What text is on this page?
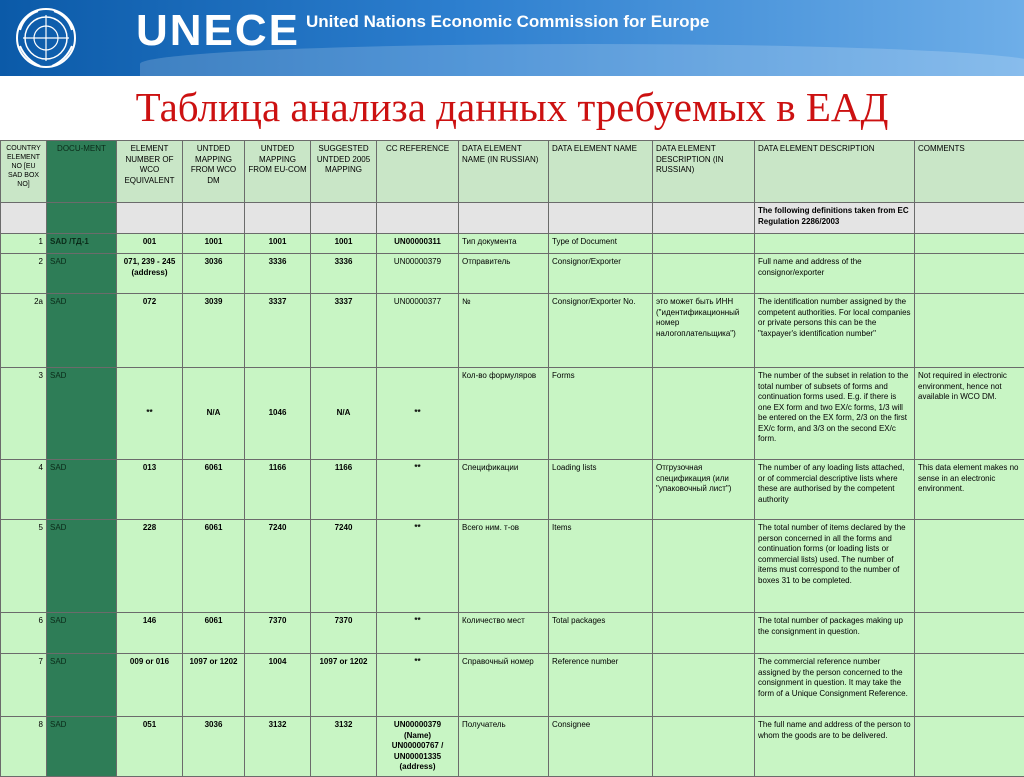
UNECE United Nations Economic Commission for Europe
Таблица анализа данных требуемых в ЕАД
COUNTRY ELEMENT NO [EU SAD BOX NO]	DOCU-MENT	ELEMENT NUMBER OF WCO EQUIVALENT	UNTDED MAPPING FROM WCO DM	UNTDED MAPPING FROM EU-COM	SUGGESTED UNTDED 2005 MAPPING	CC REFERENCE	DATA ELEMENT NAME (IN RUSSIAN)	DATA ELEMENT NAME	DATA ELEMENT DESCRIPTION (IN RUSSIAN)	DATA ELEMENT DESCRIPTION	COMMENTS
										The following definitions taken from EC Regulation 2286/2003	
1	SAD /ТД-1	001	1001	1001	1001	UN00000311	Тип документа	Type of Document			
2	SAD	071, 239 - 245 (address)	3036	3336	3336	UN00000379	Отправитель	Consignor/Exporter		Full name and address of the consignor/exporter	
2a	SAD	072	3039	3337	3337	UN00000377	№	Consignor/Exporter No.	это может быть ИНН ("идентификационный номер налогоплательщика")	The identification number assigned by the competent authorities. For local companies or private persons this can be the "taxpayer's identification number"	
3	SAD	**	N/A	1046	N/A	**	Кол-во формуляров	Forms		The number of the subset in relation to the total number of subsets of forms and continuation forms used. E.g. if there is one EX form and two EX/c forms, 1/3 will be entered on the EX form, 2/3 on the first EX/c form, and 3/3 on the second EX/c form.	Not required in electronic environment, hence not available in WCO DM.
4	SAD	013	6061	1166	1166	**	Спецификации	Loading lists	Отгрузочная спецификация (или "упаковочный лист")	The number of any loading lists attached, or of commercial descriptive lists where these are authorised by the competent authority	This data element makes no sense in an electronic environment.
5	SAD	228	6061	7240	7240	**	Всего ним. т-ов	Items		The total number of items declared by the person concerned in all the forms and continuation forms (or loading lists or commercial lists) used. The number of items must correspond to the number of boxes 31 to be completed.	
6	SAD	146	6061	7370	7370	**	Количество мест	Total packages		The total number of packages making up the consignment in question.	
7	SAD	009 or 016	1097 or 1202	1004	1097 or 1202	**	Справочный номер	Reference number		The commercial reference number assigned by the person concerned to the consignment in question. It may take the form of a Unique Consignment Reference.	
8	SAD	051	3036	3132	3132	UN00000379 (Name) UN00000767 / UN00001335 (address)	Получатель	Consignee		The full name and address of the person to whom the goods are to be delivered.	
